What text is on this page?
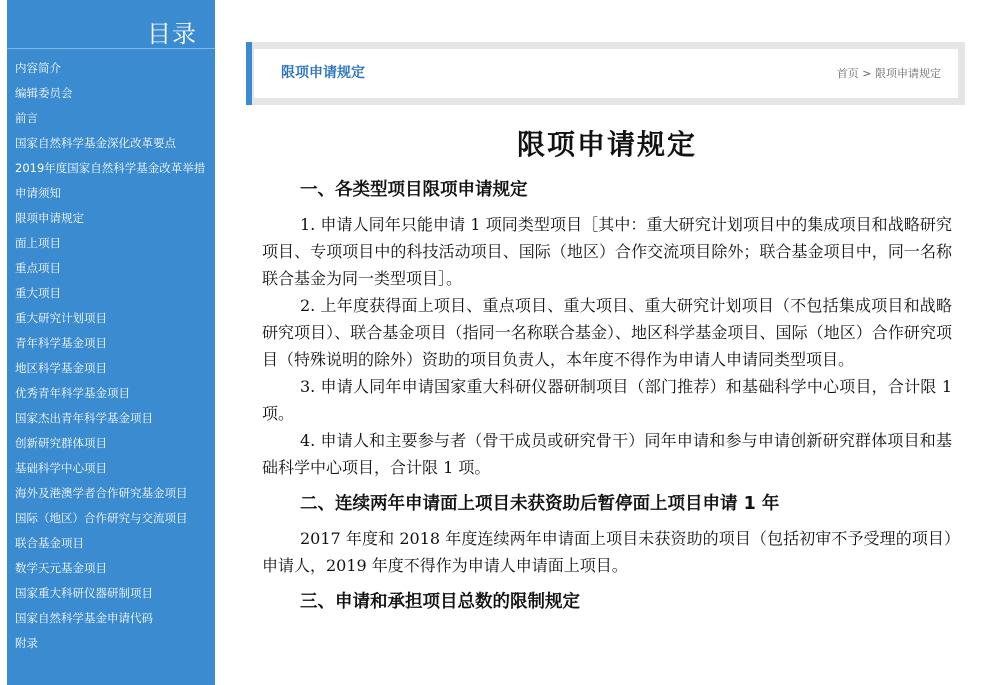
目录
内容简介
编辑委员会
前言
国家自然科学基金深化改革要点
2019年度国家自然科学基金改革举措
申请须知
限项申请规定
面上项目
重点项目
重大项目
重大研究计划项目
青年科学基金项目
地区科学基金项目
优秀青年科学基金项目
国家杰出青年科学基金项目
创新研究群体项目
基础科学中心项目
海外及港澳学者合作研究基金项目
国际（地区）合作研究与交流项目
联合基金项目
数学天元基金项目
国家重大科研仪器研制项目
国家自然科学基金申请代码
附录
限项申请规定	首页 > 限项申请规定
限项申请规定
一、各类型项目限项申请规定

1. 申请人同年只能申请 1 项同类型项目［其中：重大研究计划项目中的集成项目和战略研究项目、专项项目中的科技活动项目、国际（地区）合作交流项目除外；联合基金项目中，同一名称联合基金为同一类型项目］。

2. 上年度获得面上项目、重点项目、重大项目、重大研究计划项目（不包括集成项目和战略研究项目）、联合基金项目（指同一名称联合基金）、地区科学基金项目、国际（地区）合作研究项目（特殊说明的除外）资助的项目负责人，本年度不得作为申请人申请同类型项目。

3. 申请人同年申请国家重大科研仪器研制项目（部门推荐）和基础科学中心项目，合计限 1 项。

4. 申请人和主要参与者（骨干成员或研究骨干）同年申请和参与申请创新研究群体项目和基础科学中心项目，合计限 1 项。

二、连续两年申请面上项目未获资助后暂停面上项目申请 1 年

2017 年度和 2018 年度连续两年申请面上项目未获资助的项目（包括初审不予受理的项目）申请人，2019 年度不得作为申请人申请面上项目。

三、申请和承担项目总数的限制规定
